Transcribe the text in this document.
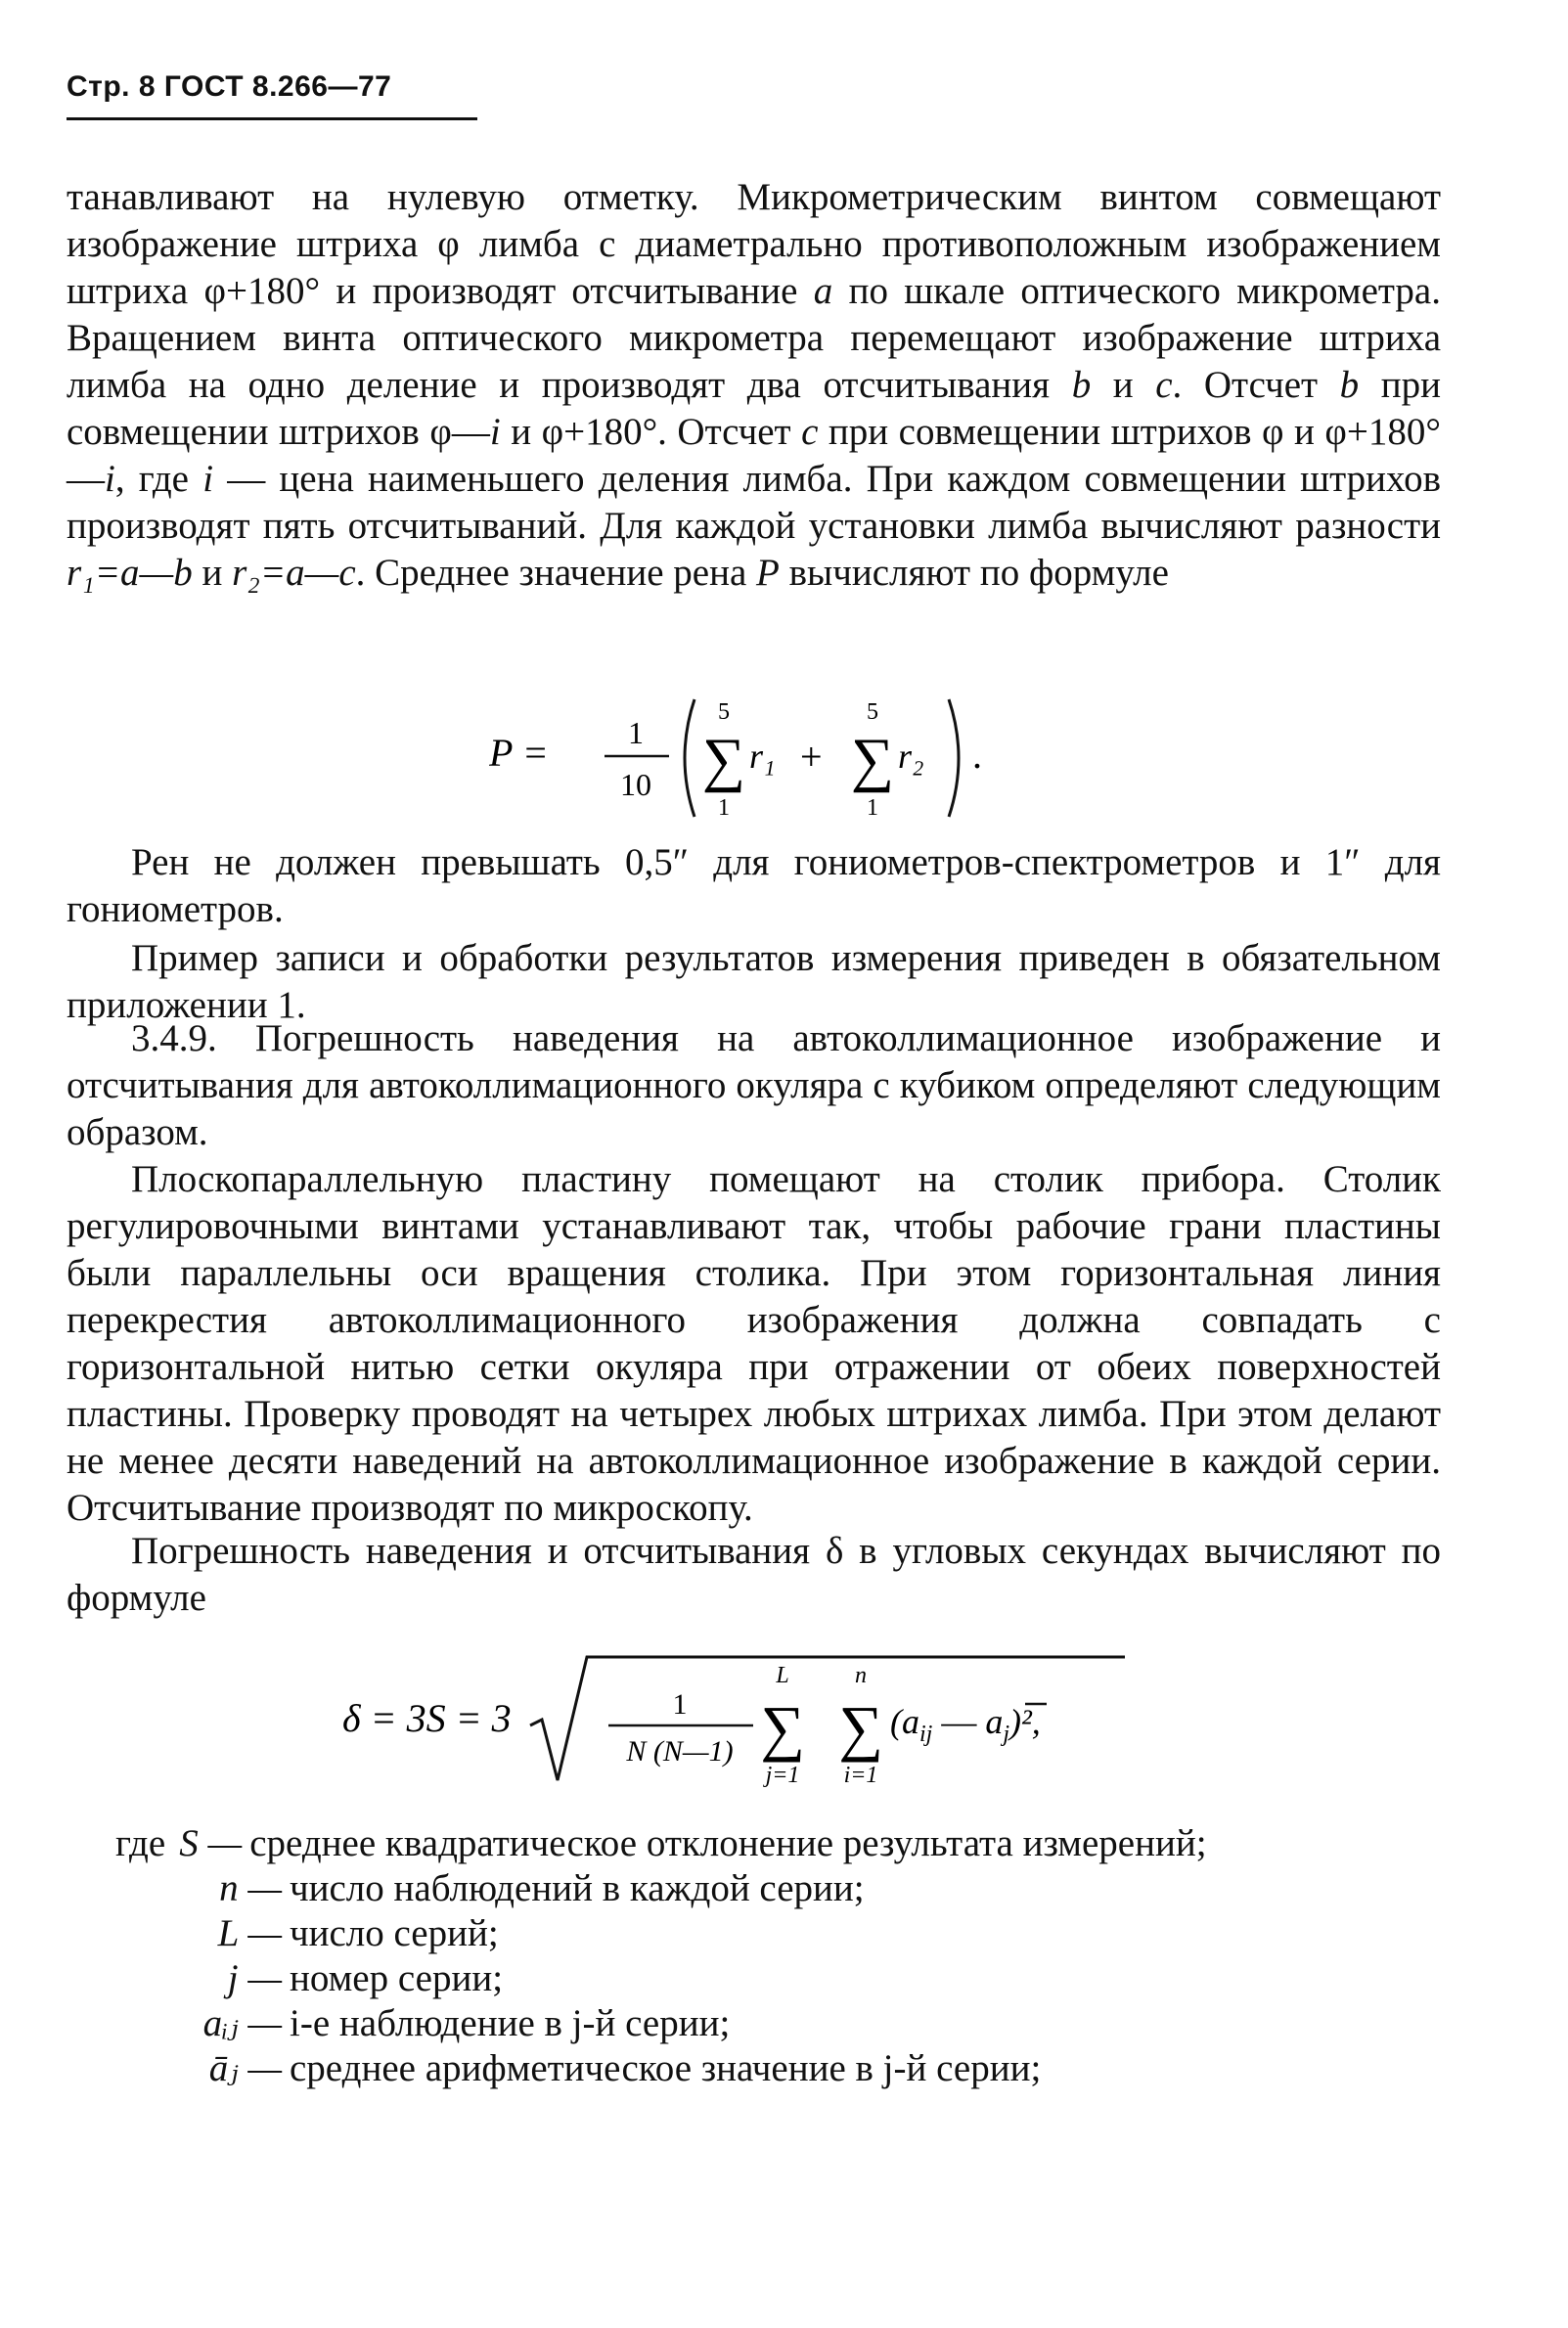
Стр. 8 ГОСТ 8.266—77

танавливают на нулевую отметку. Микрометрическим винтом совмещают изображение штриха φ лимба с диаметрально противоположным изображением штриха φ+180° и производят отсчитывание a по шкале оптического микрометра. Вращением винта оптического микрометра перемещают изображение штриха лимба на одно деление и производят два отсчитывания b и c. Отсчет b при совмещении штрихов φ—i и φ+180°. Отсчет c при совмещении штрихов φ и φ+180°—i, где i — цена наименьшего деления лимба. При каждом совмещении штрихов производят пять отсчитываний. Для каждой установки лимба вычисляют разности r₁=a—b и r₂=a—c. Среднее значение рена P вычисляют по формуле

P =	1
10
5
∑
1
r₁ +
5
∑
1
r₂ .

Рен не должен превышать 0,5″ для гониометров-спектрометров и 1″ для гониометров.

Пример записи и обработки результатов измерения приведен в обязательном приложении 1.

3.4.9. Погрешность наведения на автоколлимационное изображение и отсчитывания для автоколлимационного окуляра с кубиком определяют следующим образом.

Плоскопараллельную пластину помещают на столик прибора. Столик регулировочными винтами устанавливают так, чтобы рабочие грани пластины были параллельны оси вращения столика. При этом горизонтальная линия перекрестия автоколлимационного изображения должна совпадать с горизонтальной нитью сетки окуляра при отражении от обеих поверхностей пластины. Проверку проводят на четырех любых штрихах лимба. При этом делают не менее десяти наведений на автоколлимационное изображение в каждой серии. Отсчитывание производят по микроскопу.

Погрешность наведения и отсчитывания δ в угловых секундах вычисляют по формуле

δ = 3S = 3	1
N (N—1)
L
∑
j=1
n
∑
i=1
($a_{ij}$ — $a_j)^2$,
где S — среднее квадратическое отклонение результата измерений;
n — число наблюдений в каждой серии;
L — число серий;
j — номер серии;
aᵢⱼ — i-е наблюдение в j-й серии;
āⱼ — среднее арифметическое значение в j-й серии;
